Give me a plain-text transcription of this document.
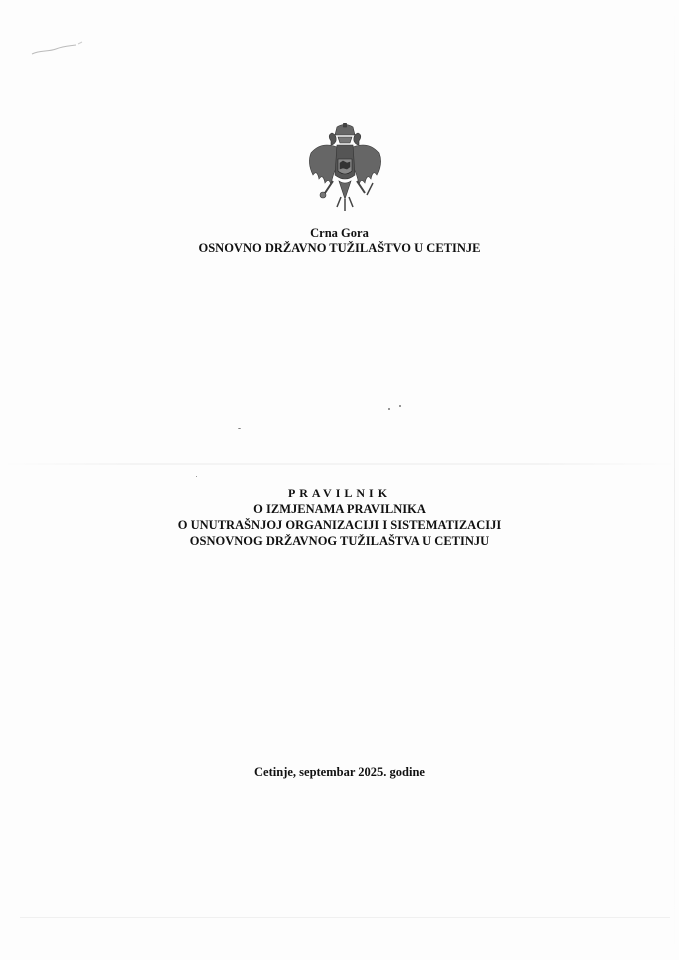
Crna Gora
OSNOVNO DRŽAVNO TUŽILAŠTVO U CETINJE
PRAVILNIK
O IZMJENAMA PRAVILNIKA
O UNUTRAŠNJOJ ORGANIZACIJI I SISTEMATIZACIJI
OSNOVNOG DRŽAVNOG TUŽILAŠTVA U CETINJU
Cetinje, septembar 2025. godine
